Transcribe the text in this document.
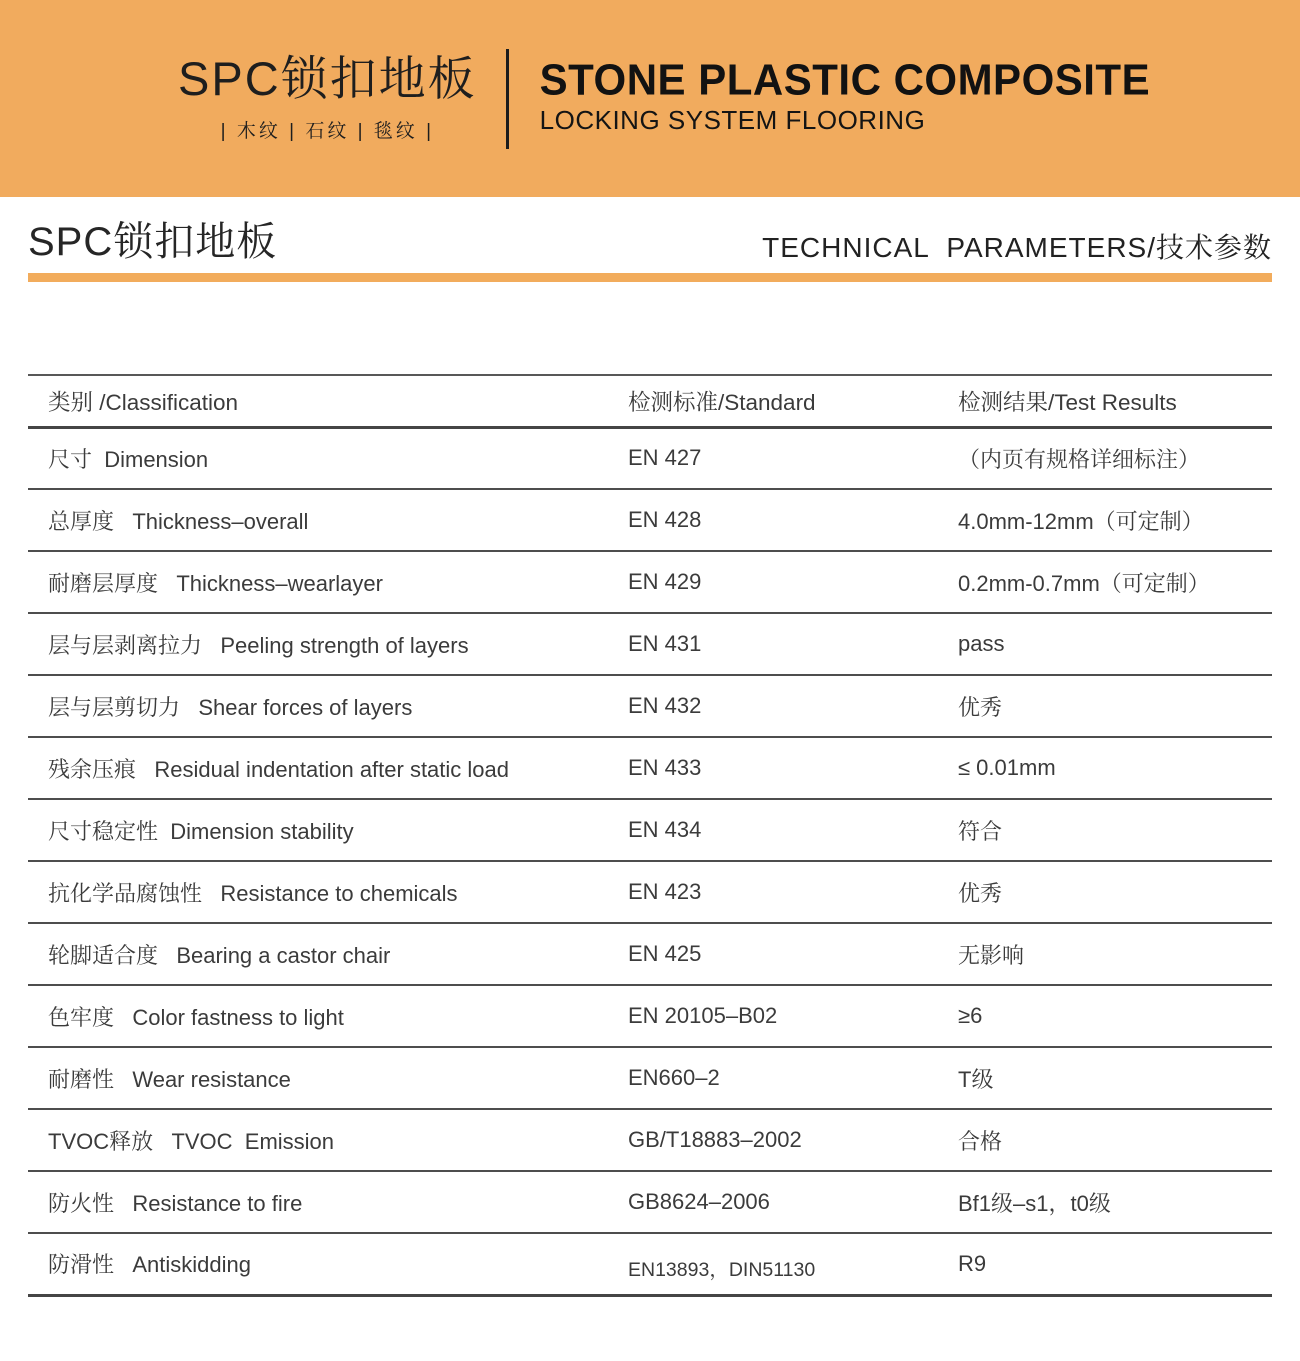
SPC锁扣地板
| 木纹 | 石纹 | 毯纹 |
STONE PLASTIC COMPOSITE
LOCKING SYSTEM FLOORING
SPC锁扣地板	TECHNICAL  PARAMETERS/技术参数
类别 /Classification	检测标准/Standard	检测结果/Test Results
尺寸  Dimension	EN 427	（内页有规格详细标注）
总厚度   Thickness–overall	EN 428	4.0mm-12mm（可定制）
耐磨层厚度   Thickness–wearlayer	EN 429	0.2mm-0.7mm（可定制）
层与层剥离拉力   Peeling strength of layers	EN 431	pass
层与层剪切力   Shear forces of layers	EN 432	优秀
残余压痕   Residual indentation after static load	EN 433	≤ 0.01mm
尺寸稳定性  Dimension stability	EN 434	符合
抗化学品腐蚀性   Resistance to chemicals	EN 423	优秀
轮脚适合度   Bearing a castor chair	EN 425	无影响
色牢度   Color fastness to light	EN 20105–B02	≥6
耐磨性   Wear resistance	EN660–2	T级
TVOC释放   TVOC  Emission	GB/T18883–2002	合格
防火性   Resistance to fire	GB8624–2006	Bf1级–s1，t0级
防滑性   Antiskidding	EN13893，DIN51130	R9
